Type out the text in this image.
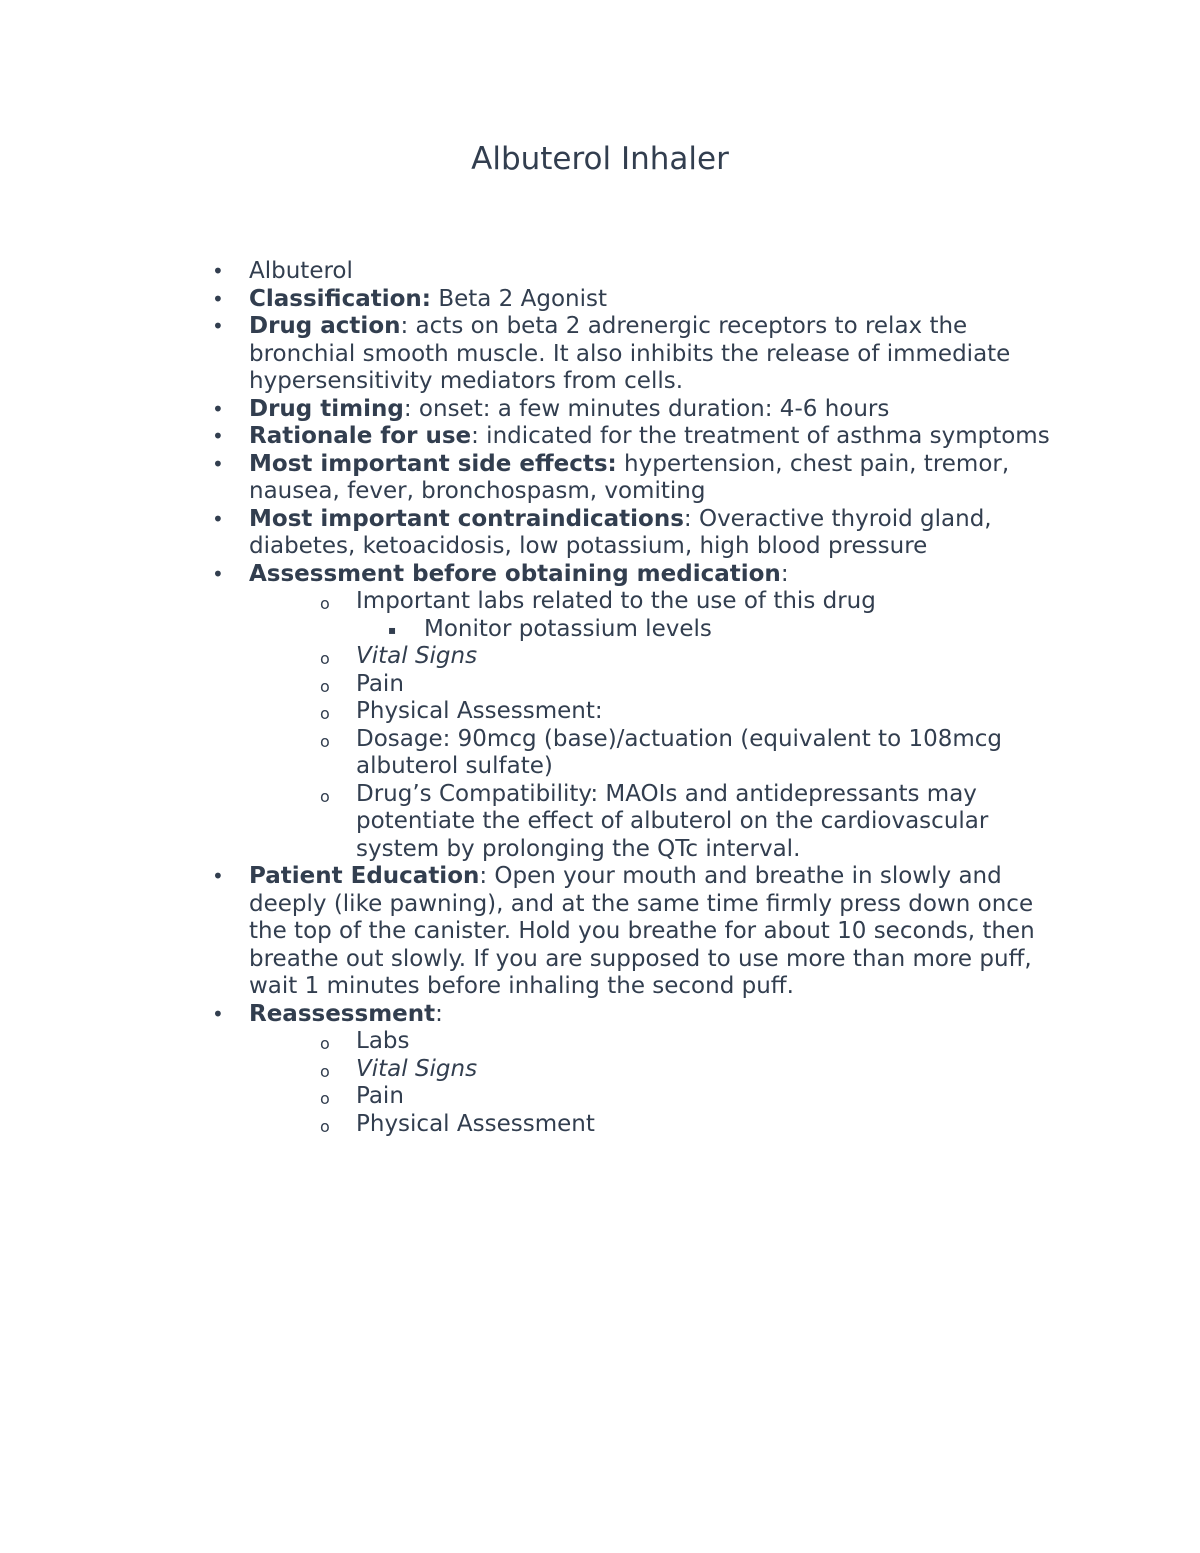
Albuterol Inhaler
• Albuterol
• Classification: Beta 2 Agonist
• Drug action: acts on beta 2 adrenergic receptors to relax the bronchial smooth muscle. It also inhibits the release of immediate hypersensitivity mediators from cells.
• Drug timing: onset: a few minutes duration: 4-6 hours
• Rationale for use: indicated for the treatment of asthma symptoms
• Most important side effects: hypertension, chest pain, tremor, nausea, fever, bronchospasm, vomiting
• Most important contraindications: Overactive thyroid gland, diabetes, ketoacidosis, low potassium, high blood pressure
• Assessment before obtaining medication:
o Important labs related to the use of this drug
▪ Monitor potassium levels
o Vital Signs
o Pain
o Physical Assessment:
o Dosage: 90mcg (base)/actuation (equivalent to 108mcg albuterol sulfate)
o Drug’s Compatibility: MAOIs and antidepressants may potentiate the effect of albuterol on the cardiovascular system by prolonging the QTc interval.
• Patient Education: Open your mouth and breathe in slowly and deeply (like pawning), and at the same time firmly press down once the top of the canister. Hold you breathe for about 10 seconds, then breathe out slowly. If you are supposed to use more than more puff, wait 1 minutes before inhaling the second puff.
• Reassessment:
o Labs
o Vital Signs
o Pain
o Physical Assessment
